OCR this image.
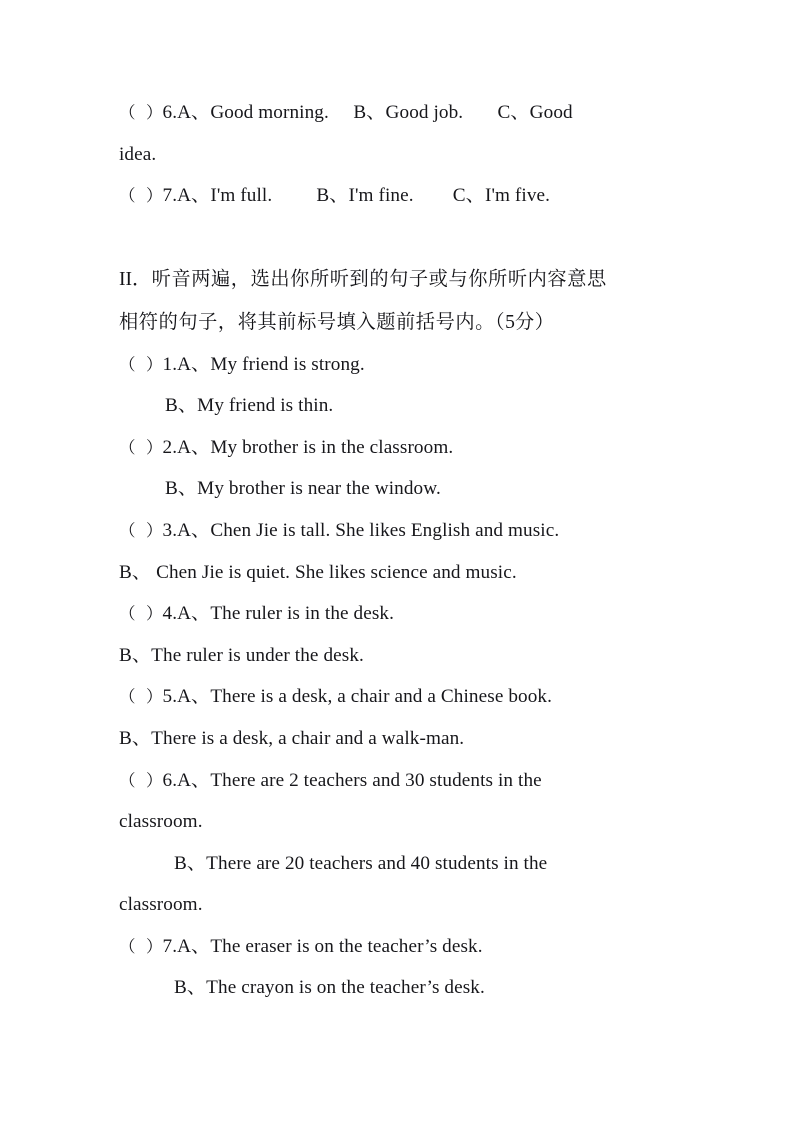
（  ）6.A、Good morning.     B、Good job.       C、Good
idea.
（  ）7.A、I'm full.         B、I'm fine.        C、I'm five.
II．听音两遍，选出你所听到的句子或与你所听内容意思
相符的句子，将其前标号填入题前括号内。（5分）
（  ）1.A、My friend is strong.
B、My friend is thin.
（  ）2.A、My brother is in the classroom.
B、My brother is near the window.
（  ）3.A、Chen Jie is tall. She likes English and music.
B、 Chen Jie is quiet. She likes science and music.
（  ）4.A、The ruler is in the desk.
B、The ruler is under the desk.
（  ）5.A、There is a desk, a chair and a Chinese book.
B、There is a desk, a chair and a walk-man.
（  ）6.A、There are 2 teachers and 30 students in the
classroom.
B、There are 20 teachers and 40 students in the
classroom.
（  ）7.A、The eraser is on the teacher’s desk.
B、The crayon is on the teacher’s desk.
